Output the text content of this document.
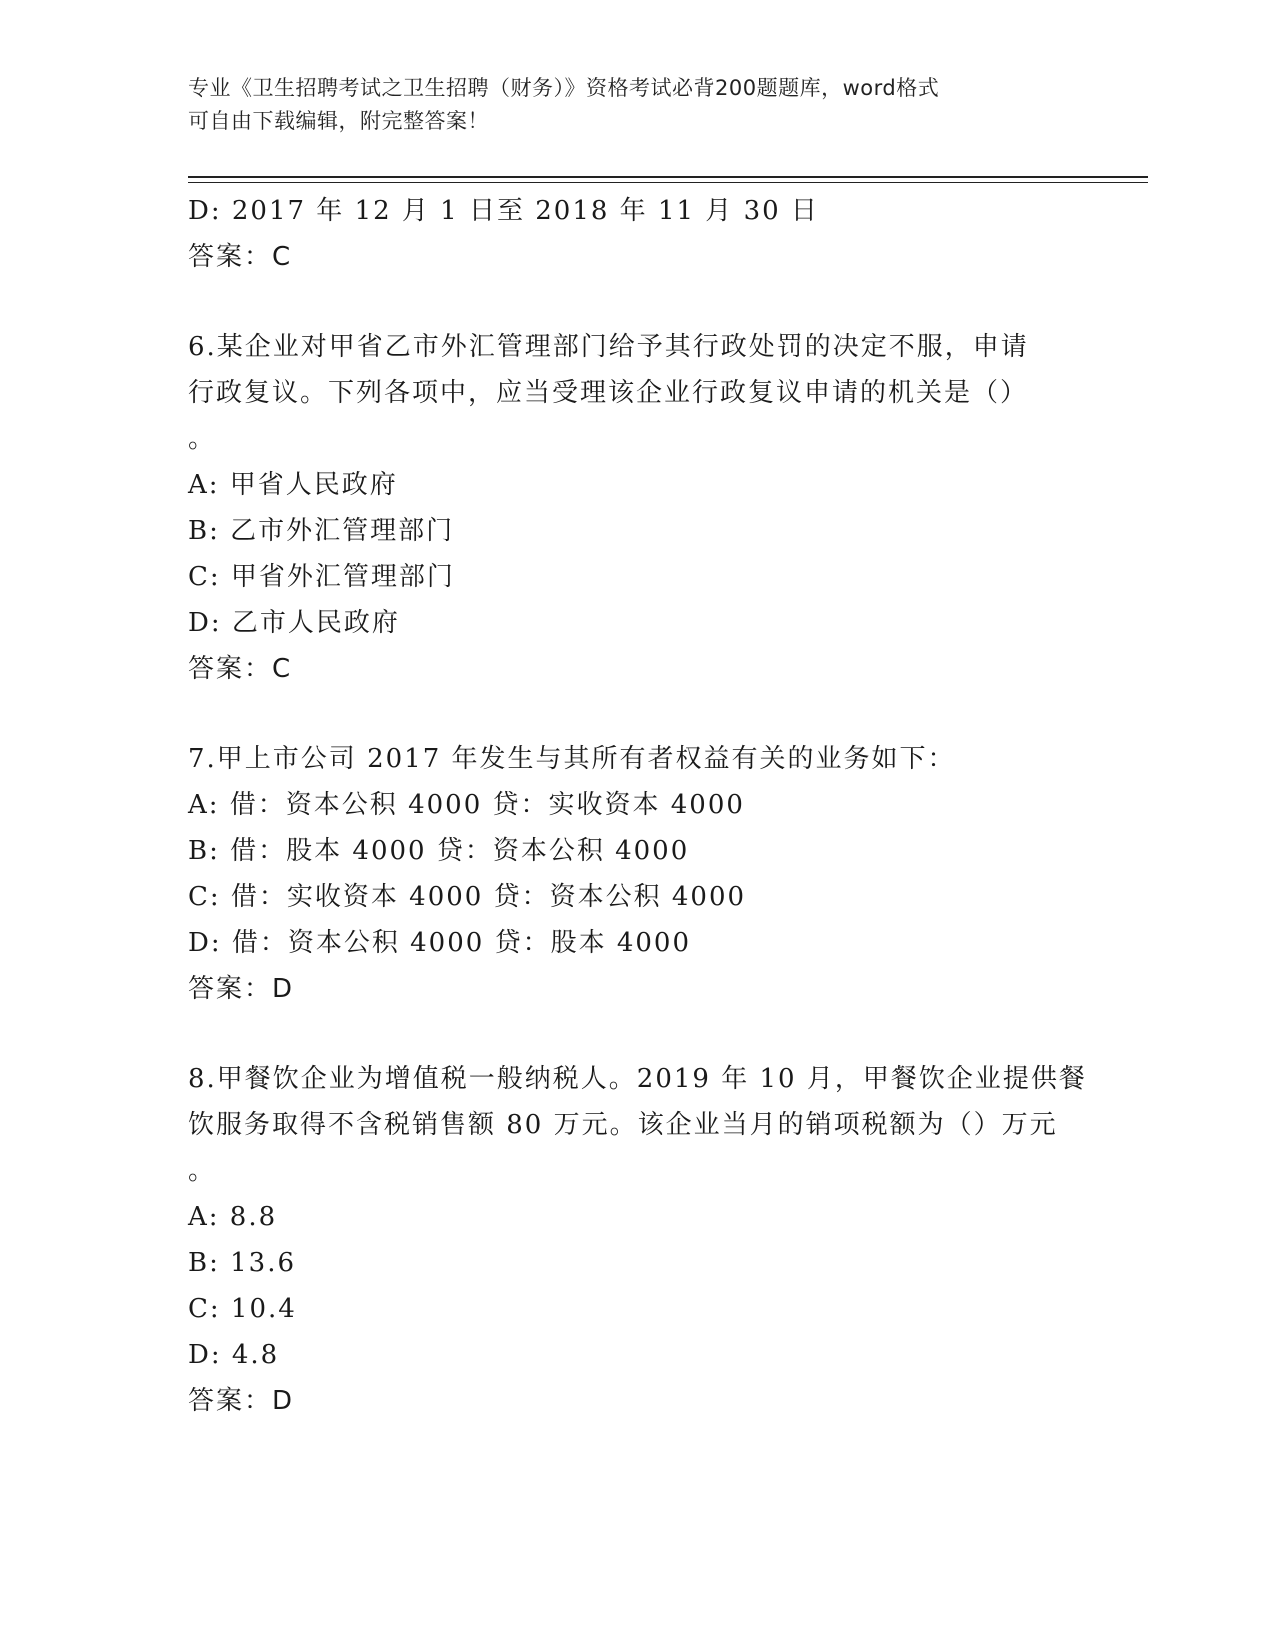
专业《卫生招聘考试之卫生招聘（财务）》资格考试必背200题题库，word格式
可自由下载编辑，附完整答案！
D: 2017 年 12 月 1 日至 2018 年 11 月 30 日
答案：C
6.某企业对甲省乙市外汇管理部门给予其行政处罚的决定不服，申请
行政复议。下列各项中，应当受理该企业行政复议申请的机关是（）
。
A: 甲省人民政府
B: 乙市外汇管理部门
C: 甲省外汇管理部门
D: 乙市人民政府
答案：C
7.甲上市公司 2017 年发生与其所有者权益有关的业务如下：
A: 借：资本公积 4000 贷：实收资本 4000
B: 借：股本 4000 贷：资本公积 4000
C: 借：实收资本 4000 贷：资本公积 4000
D: 借：资本公积 4000 贷：股本 4000
答案：D
8.甲餐饮企业为增值税一般纳税人。2019 年 10 月，甲餐饮企业提供餐
饮服务取得不含税销售额 80 万元。该企业当月的销项税额为（）万元
。
A: 8.8
B: 13.6
C: 10.4
D: 4.8
答案：D
